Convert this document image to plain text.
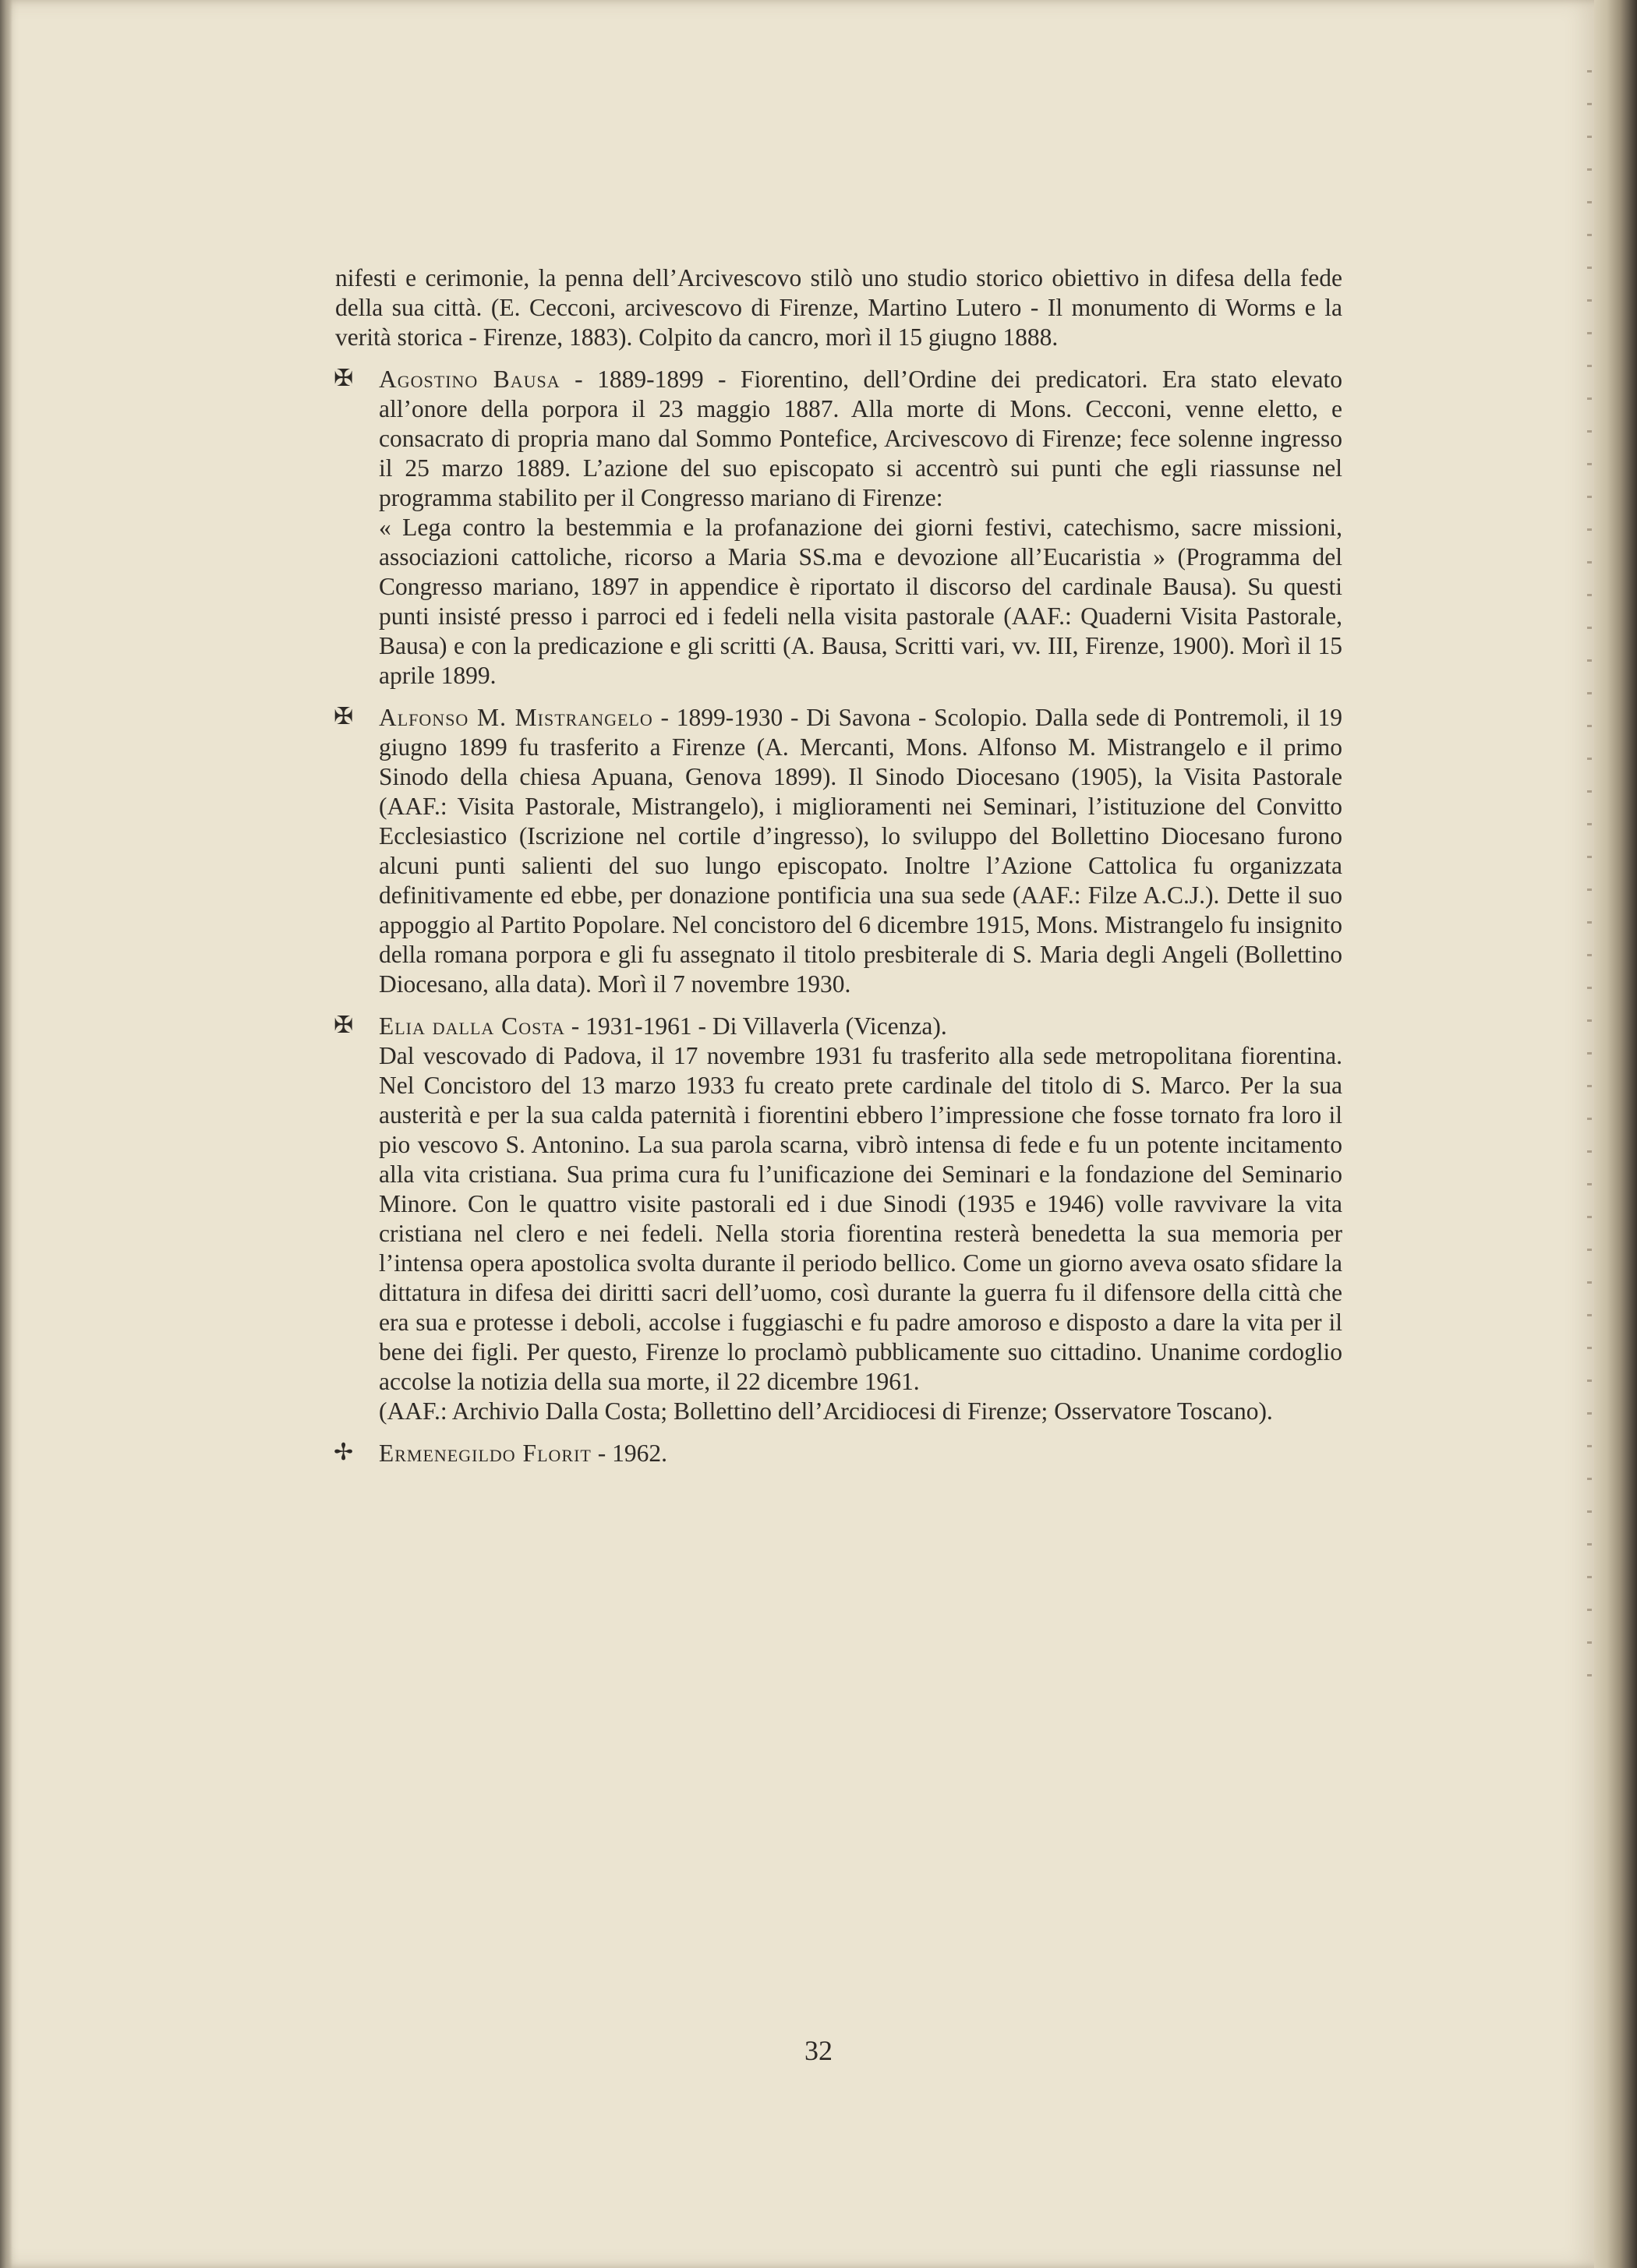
nifesti e cerimonie, la penna dell’Arcivescovo stilò uno studio storico obiettivo in difesa della fede della sua città. (E. Cecconi, arcivescovo di Firenze, Martino Lutero - Il monumento di Worms e la verità storica - Firenze, 1883). Colpito da cancro, morì il 15 giugno 1888.

✠ Agostino Bausa - 1889-1899 - Fiorentino, dell’Ordine dei predicatori. Era stato elevato all’onore della porpora il 23 maggio 1887. Alla morte di Mons. Cecconi, venne eletto, e consacrato di propria mano dal Sommo Pontefice, Arcivescovo di Firenze; fece solenne ingresso il 25 marzo 1889. L’azione del suo episcopato si accentrò sui punti che egli riassunse nel programma stabilito per il Congresso mariano di Firenze:
« Lega contro la bestemmia e la profanazione dei giorni festivi, catechismo, sacre missioni, associazioni cattoliche, ricorso a Maria SS.ma e devozione all’Eucaristia » (Programma del Congresso mariano, 1897 in appendice è riportato il discorso del cardinale Bausa). Su questi punti insisté presso i parroci ed i fedeli nella visita pastorale (AAF.: Quaderni Visita Pastorale, Bausa) e con la predicazione e gli scritti (A. Bausa, Scritti vari, vv. III, Firenze, 1900). Morì il 15 aprile 1899.
✠ Alfonso M. Mistrangelo - 1899-1930 - Di Savona - Scolopio. Dalla sede di Pontremoli, il 19 giugno 1899 fu trasferito a Firenze (A. Mercanti, Mons. Alfonso M. Mistrangelo e il primo Sinodo della chiesa Apuana, Genova 1899). Il Sinodo Diocesano (1905), la Visita Pastorale (AAF.: Visita Pastorale, Mistrangelo), i miglioramenti nei Seminari, l’istituzione del Convitto Ecclesiastico (Iscrizione nel cortile d’ingresso), lo sviluppo del Bollettino Diocesano furono alcuni punti salienti del suo lungo episcopato. Inoltre l’Azione Cattolica fu organizzata definitivamente ed ebbe, per donazione pontificia una sua sede (AAF.: Filze A.C.J.). Dette il suo appoggio al Partito Popolare. Nel concistoro del 6 dicembre 1915, Mons. Mistrangelo fu insignito della romana porpora e gli fu assegnato il titolo presbiterale di S. Maria degli Angeli (Bollettino Diocesano, alla data). Morì il 7 novembre 1930.
✠ Elia dalla Costa - 1931-1961 - Di Villaverla (Vicenza).
Dal vescovado di Padova, il 17 novembre 1931 fu trasferito alla sede metropolitana fiorentina. Nel Concistoro del 13 marzo 1933 fu creato prete cardinale del titolo di S. Marco. Per la sua austerità e per la sua calda paternità i fiorentini ebbero l’impressione che fosse tornato fra loro il pio vescovo S. Antonino. La sua parola scarna, vibrò intensa di fede e fu un potente incitamento alla vita cristiana. Sua prima cura fu l’unificazione dei Seminari e la fondazione del Seminario Minore. Con le quattro visite pastorali ed i due Sinodi (1935 e 1946) volle ravvivare la vita cristiana nel clero e nei fedeli. Nella storia fiorentina resterà benedetta la sua memoria per l’intensa opera apostolica svolta durante il periodo bellico. Come un giorno aveva osato sfidare la dittatura in difesa dei diritti sacri dell’uomo, così durante la guerra fu il difensore della città che era sua e protesse i deboli, accolse i fuggiaschi e fu padre amoroso e disposto a dare la vita per il bene dei figli. Per questo, Firenze lo proclamò pubblicamente suo cittadino. Unanime cordoglio accolse la notizia della sua morte, il 22 dicembre 1961.
(AAF.: Archivio Dalla Costa; Bollettino dell’Arcidiocesi di Firenze; Osservatore Toscano).
✢ Ermenegildo Florit - 1962.
32
